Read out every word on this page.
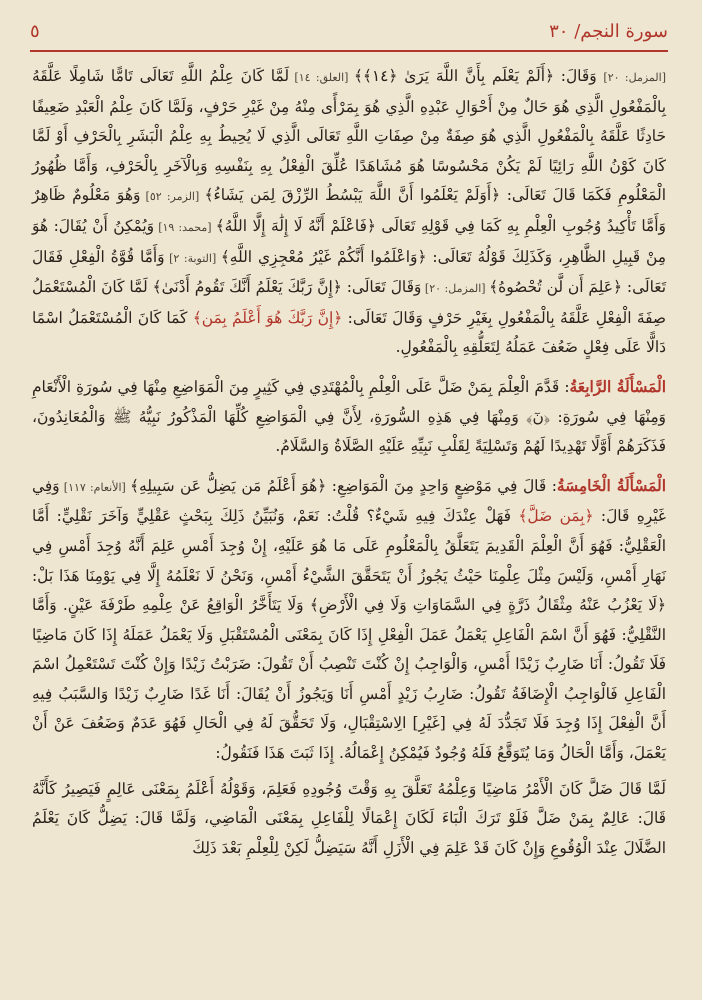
سورة النجم/ ٣٠
٥

[المزمل: ٢٠] وَقَالَ: ﴿أَلَمْ يَعْلَم بِأَنَّ اللَّهَ يَرَىٰ ﴿١٤﴾﴾ [العلق: ١٤] لَمَّا كَانَ عِلْمُ اللَّهِ تَعَالَى تَامًّا شَامِلًا عَلَّقَهُ بِالْمَفْعُولِ الَّذِي هُوَ حَالٌ مِنْ أَحْوَالِ عَبْدِهِ الَّذِي هُوَ بِمَرْأًى مِنْهُ مِنْ غَيْرِ حَرْفٍ، وَلَمَّا كَانَ عِلْمُ الْعَبْدِ ضَعِيفًا حَادِثًا عَلَّقَهُ بِالْمَفْعُولِ الَّذِي هُوَ صِفَةٌ مِنْ صِفَاتِ اللَّهِ تَعَالَى الَّذِي لَا يُحِيطُ بِهِ عِلْمُ الْبَشَرِ بِالْحَرْفِ أَوْ لَمَّا كَانَ كَوْنُ اللَّهِ رَائِيًا لَمْ يَكُنْ مَحْسُوسًا هُوَ مُشَاهَدًا عُلِّقَ الْفِعْلُ بِهِ بِنَفْسِهِ وَبِالْآخَرِ بِالْحَرْفِ، وَأَمَّا ظُهُورُ الْمَعْلُومِ فَكَمَا قَالَ تَعَالَى: ﴿أَوَلَمْ يَعْلَمُوا أَنَّ اللَّهَ يَبْسُطُ الرِّزْقَ لِمَن يَشَاءُ﴾ [الزمر: ٥٢] وَهُوَ مَعْلُومٌ ظَاهِرٌ وَأَمَّا تَأْكِيدُ وُجُوبِ الْعِلْمِ بِهِ كَمَا فِي قَوْلِهِ تَعَالَى ﴿فَاعْلَمْ أَنَّهُ لَا إِلَٰهَ إِلَّا اللَّهُ﴾ [محمد: ١٩] وَيُمْكِنُ أَنْ يُقَالَ: هُوَ مِنْ قَبِيلِ الظَّاهِرِ، وَكَذَلِكَ قَوْلُهُ تَعَالَى: ﴿وَاعْلَمُوا أَنَّكُمْ غَيْرُ مُعْجِزِي اللَّهِ﴾ [التوبة: ٢] وَأَمَّا قُوَّةُ الْفِعْلِ فَقَالَ تَعَالَى: ﴿عَلِمَ أَن لَّن تُحْصُوهُ﴾ [المزمل: ٢٠] وَقَالَ تَعَالَى: ﴿إِنَّ رَبَّكَ يَعْلَمُ أَنَّكَ تَقُومُ أَدْنَىٰ﴾ لَمَّا كَانَ الْمُسْتَعْمَلُ صِفَةَ الْفِعْلِ عَلَّقَهُ بِالْمَفْعُولِ بِغَيْرِ حَرْفٍ وَقَالَ تَعَالَى: ﴿إِنَّ رَبَّكَ هُوَ أَعْلَمُ بِمَن﴾ كَمَا كَانَ الْمُسْتَعْمَلُ اسْمًا دَالًّا عَلَى فِعْلٍ ضَعُفَ عَمَلُهُ لِتَعَلُّقِهِ بِالْمَفْعُولِ.

الْمَسْأَلَةُ الرَّابِعَةُ: قَدَّمَ الْعِلْمَ بِمَنْ ضَلَّ عَلَى الْعِلْمِ بِالْمُهْتَدِي فِي كَثِيرٍ مِنَ الْمَوَاضِعِ مِنْهَا فِي سُورَةِ الْأَنْعَامِ وَمِنْهَا فِي سُورَةِ: ﴿نٓ﴾ وَمِنْهَا فِي هَذِهِ السُّورَةِ، لِأَنَّ فِي الْمَوَاضِعِ كُلِّهَا الْمَذْكُورُ نَبِيُّهُ ﷺ وَالْمُعَانِدُونَ، فَذَكَرَهُمْ أَوَّلًا تَهْدِيدًا لَهُمْ وَتَسْلِيَةً لِقَلْبِ نَبِيِّهِ عَلَيْهِ الصَّلَاةُ وَالسَّلَامُ.

الْمَسْأَلَةُ الْخَامِسَةُ: قَالَ فِي مَوْضِعٍ وَاحِدٍ مِنَ الْمَوَاضِعِ: ﴿هُوَ أَعْلَمُ مَن يَضِلُّ عَن سَبِيلِهِ﴾ [الأنعام: ١١٧] وَفِي غَيْرِهِ قَالَ: ﴿بِمَن ضَلَّ﴾ فَهَلْ عِنْدَكَ فِيهِ شَيْءٌ؟ قُلْتُ: نَعَمْ، وَنُبَيِّنُ ذَلِكَ بِبَحْثٍ عَقْلِيٍّ وَآخَرَ نَقْلِيٍّ: أَمَّا الْعَقْلِيُّ: فَهُوَ أَنَّ الْعِلْمَ الْقَدِيمَ يَتَعَلَّقُ بِالْمَعْلُومِ عَلَى مَا هُوَ عَلَيْهِ، إِنْ وُجِدَ أَمْسِ عَلِمَ أَنَّهُ وُجِدَ أَمْسِ فِي نَهَارِ أَمْسِ، وَلَيْسَ مِثْلَ عِلْمِنَا حَيْثُ يَجُوزُ أَنْ يَتَحَقَّقَ الشَّيْءُ أَمْسِ، وَنَحْنُ لَا نَعْلَمُهُ إِلَّا فِي يَوْمِنَا هَذَا بَلْ: ﴿لَا يَعْزُبُ عَنْهُ مِثْقَالُ ذَرَّةٍ فِي السَّمَاوَاتِ وَلَا فِي الْأَرْضِ﴾ وَلَا يَتَأَخَّرُ الْوَاقِعُ عَنْ عِلْمِهِ طَرْفَةَ عَيْنٍ. وَأَمَّا النَّقْلِيُّ: فَهُوَ أَنَّ اسْمَ الْفَاعِلِ يَعْمَلُ عَمَلَ الْفِعْلِ إِذَا كَانَ بِمَعْنَى الْمُسْتَقْبَلِ وَلَا يَعْمَلُ عَمَلَهُ إِذَا كَانَ مَاضِيًا فَلَا تَقُولُ: أَنَا ضَارِبٌ زَيْدًا أَمْسِ، وَالْوَاجِبُ إِنْ كُنْتَ تَنْصِبُ أَنْ تَقُولَ: ضَرَبْتُ زَيْدًا وَإِنْ كُنْتَ تَسْتَعْمِلُ اسْمَ الْفَاعِلِ فَالْوَاجِبُ الْإِضَافَةُ تَقُولُ: ضَارِبُ زَيْدٍ أَمْسِ أَنَا وَيَجُوزُ أَنْ يُقَالَ: أَنَا غَدًا ضَارِبٌ زَيْدًا وَالسَّبَبُ فِيهِ أَنَّ الْفِعْلَ إِذَا وُجِدَ فَلَا تَجَدُّدَ لَهُ فِي [غَيْرِ] الِاسْتِقْبَالِ، وَلَا تَحَقُّقَ لَهُ فِي الْحَالِ فَهُوَ عَدَمٌ وَضَعُفَ عَنْ أَنْ يَعْمَلَ، وَأَمَّا الْحَالُ وَمَا يُتَوَقَّعُ فَلَهُ وُجُودٌ فَيُمْكِنُ إِعْمَالُهُ. إِذَا ثَبَتَ هَذَا فَنَقُولُ:

لَمَّا قَالَ ضَلَّ كَانَ الْأَمْرُ مَاضِيًا وَعِلْمُهُ تَعَلَّقَ بِهِ وَقْتَ وُجُودِهِ فَعَلِمَ، وَقَوْلُهُ أَعْلَمُ بِمَعْنَى عَالِمٍ فَيَصِيرُ كَأَنَّهُ قَالَ: عَالِمٌ بِمَنْ ضَلَّ فَلَوْ تَرَكَ الْبَاءَ لَكَانَ إِعْمَالًا لِلْفَاعِلِ بِمَعْنَى الْمَاضِي، وَلَمَّا قَالَ: يَضِلُّ كَانَ يَعْلَمُ الضَّلَالَ عِنْدَ الْوُقُوعِ وَإِنْ كَانَ قَدْ عَلِمَ فِي الْأَزَلِ أَنَّهُ سَيَضِلُّ لَكِنْ لِلْعِلْمِ بَعْدَ ذَلِكَ
